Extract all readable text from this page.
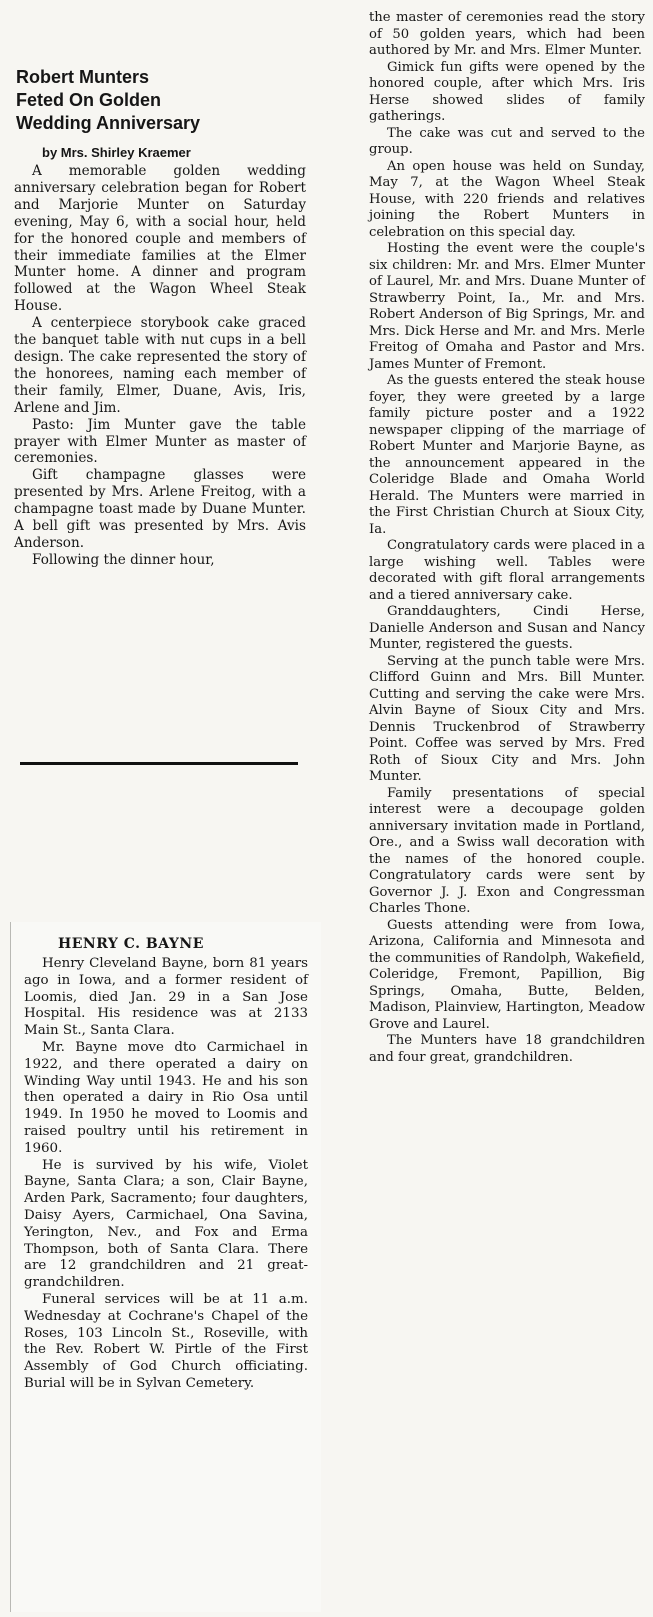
Robert Munters
Feted On Golden
Wedding Anniversary
by Mrs. Shirley Kraemer

A memorable golden wedding anniversary celebration began for Robert and Marjorie Munter on Saturday evening, May 6, with a social hour, held for the honored couple and members of their immediate families at the Elmer Munter home. A dinner and program followed at the Wagon Wheel Steak House.

A centerpiece storybook cake graced the banquet table with nut cups in a bell design. The cake represented the story of the honorees, naming each member of their family, Elmer, Duane, Avis, Iris, Arlene and Jim.

Pasto: Jim Munter gave the table prayer with Elmer Munter as master of ceremonies.

Gift champagne glasses were presented by Mrs. Arlene Freitog, with a champagne toast made by Duane Munter. A bell gift was presented by Mrs. Avis Anderson.

Following the dinner hour,

the master of ceremonies read the story of 50 golden years, which had been authored by Mr. and Mrs. Elmer Munter.

Gimick fun gifts were opened by the honored couple, after which Mrs. Iris Herse showed slides of family gatherings.

The cake was cut and served to the group.

An open house was held on Sunday, May 7, at the Wagon Wheel Steak House, with 220 friends and relatives joining the Robert Munters in celebration on this special day.

Hosting the event were the couple's six children: Mr. and Mrs. Elmer Munter of Laurel, Mr. and Mrs. Duane Munter of Strawberry Point, Ia., Mr. and Mrs. Robert Anderson of Big Springs, Mr. and Mrs. Dick Herse and Mr. and Mrs. Merle Freitog of Omaha and Pastor and Mrs. James Munter of Fremont.

As the guests entered the steak house foyer, they were greeted by a large family picture poster and a 1922 newspaper clipping of the marriage of Robert Munter and Marjorie Bayne, as the announcement appeared in the Coleridge Blade and Omaha World Herald. The Munters were married in the First Christian Church at Sioux City, Ia.

Congratulatory cards were placed in a large wishing well. Tables were decorated with gift floral arrangements and a tiered anniversary cake.

Granddaughters, Cindi Herse, Danielle Anderson and Susan and Nancy Munter, registered the guests.

Serving at the punch table were Mrs. Clifford Guinn and Mrs. Bill Munter. Cutting and serving the cake were Mrs. Alvin Bayne of Sioux City and Mrs. Dennis Truckenbrod of Strawberry Point. Coffee was served by Mrs. Fred Roth of Sioux City and Mrs. John Munter.

Family presentations of special interest were a decoupage golden anniversary invitation made in Portland, Ore., and a Swiss wall decoration with the names of the honored couple. Congratulatory cards were sent by Governor J. J. Exon and Congressman Charles Thone.

Guests attending were from Iowa, Arizona, California and Minnesota and the communities of Randolph, Wakefield, Coleridge, Fremont, Papillion, Big Springs, Omaha, Butte, Belden, Madison, Plainview, Hartington, Meadow Grove and Laurel.

The Munters have 18 grandchildren and four great, grandchildren.

HENRY C. BAYNE

Henry Cleveland Bayne, born 81 years ago in Iowa, and a former resident of Loomis, died Jan. 29 in a San Jose Hospital. His residence was at 2133 Main St., Santa Clara.

Mr. Bayne move dto Carmichael in 1922, and there operated a dairy on Winding Way until 1943. He and his son then operated a dairy in Rio Osa until 1949. In 1950 he moved to Loomis and raised poultry until his retirement in 1960.

He is survived by his wife, Violet Bayne, Santa Clara; a son, Clair Bayne, Arden Park, Sacramento; four daughters, Daisy Ayers, Carmichael, Ona Savina, Yerington, Nev., and Fox and Erma Thompson, both of Santa Clara. There are 12 grandchildren and 21 great-grandchildren.

Funeral services will be at 11 a.m. Wednesday at Cochrane's Chapel of the Roses, 103 Lincoln St., Roseville, with the Rev. Robert W. Pirtle of the First Assembly of God Church officiating. Burial will be in Sylvan Cemetery.
